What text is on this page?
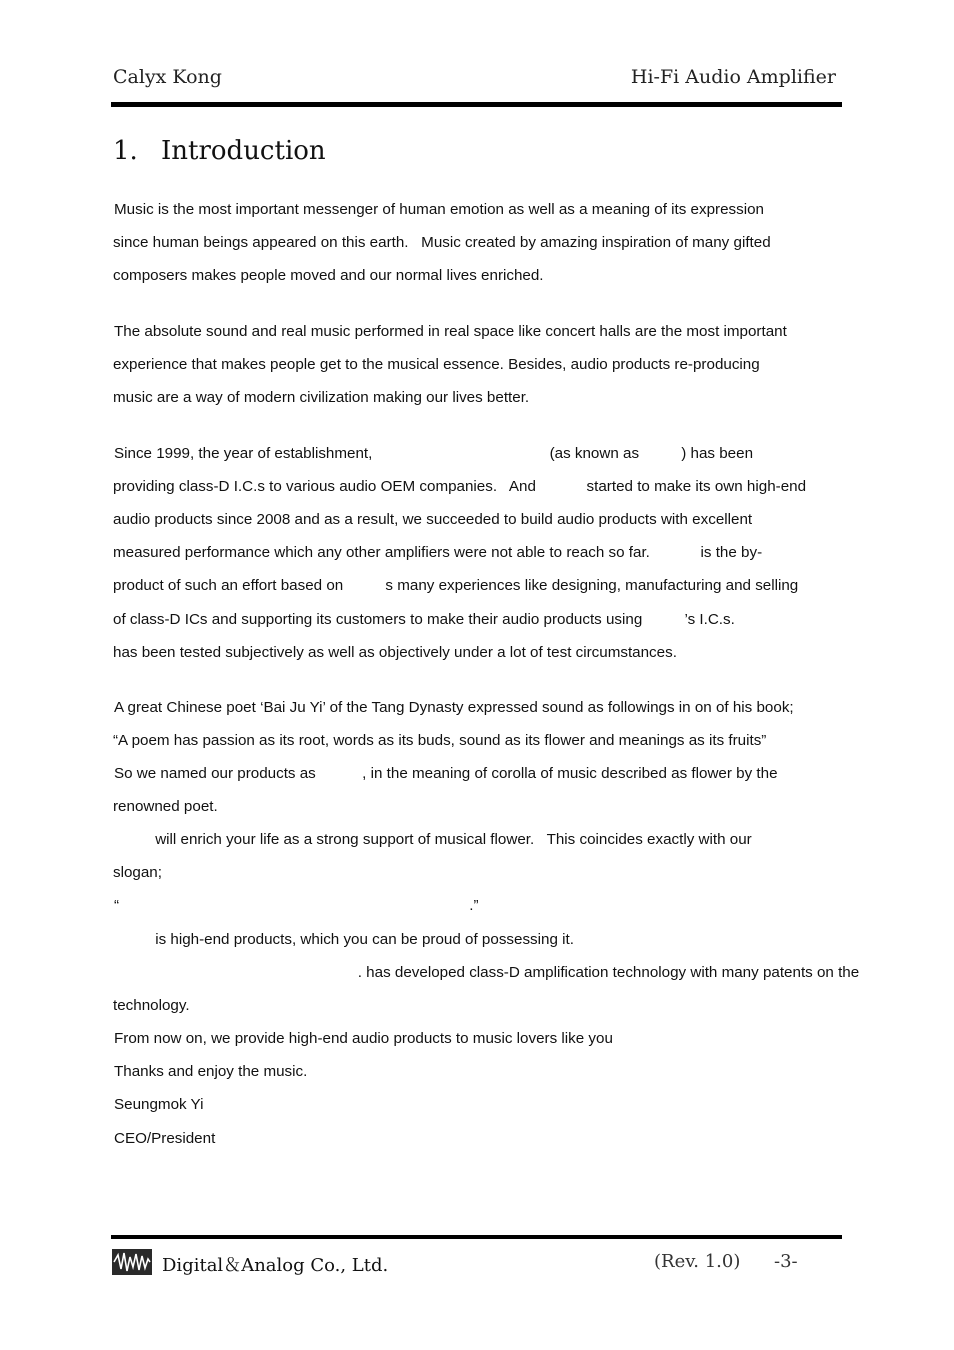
Calyx Kong	Hi-Fi Audio Amplifier
1. Introduction
Music is the most important messenger of human emotion as well as a meaning of its expression
since human beings appeared on this earth.   Music created by amazing inspiration of many gifted
composers makes people moved and our normal lives enriched.
The absolute sound and real music performed in real space like concert halls are the most important
experience that makes people get to the musical essence. Besides, audio products re-producing
music are a way of modern civilization making our lives better.
Since 1999, the year of establishment,                                          (as known as          ) has been
providing class-D I.C.s to various audio OEM companies.   And            started to make its own high-end
audio products since 2008 and as a result, we succeeded to build audio products with excellent
measured performance which any other amplifiers were not able to reach so far.            is the by-
product of such an effort based on          s many experiences like designing, manufacturing and selling
of class-D ICs and supporting its customers to make their audio products using          ’s I.C.s.
has been tested subjectively as well as objectively under a lot of test circumstances.
A great Chinese poet ‘Bai Ju Yi’ of the Tang Dynasty expressed sound as followings in on of his book;
“A poem has passion as its root, words as its buds, sound as its flower and meanings as its fruits”
So we named our products as           , in the meaning of corolla of music described as flower by the
renowned poet.
will enrich your life as a strong support of musical flower.   This coincides exactly with our
slogan;
“                                                                                   .”
is high-end products, which you can be proud of possessing it.
. has developed class-D amplification technology with many patents on the
technology.
From now on, we provide high-end audio products to music lovers like you
Thanks and enjoy the music.
Seungmok Yi
CEO/President
Digital＆Analog Co., Ltd.	(Rev. 1.0) -3-
